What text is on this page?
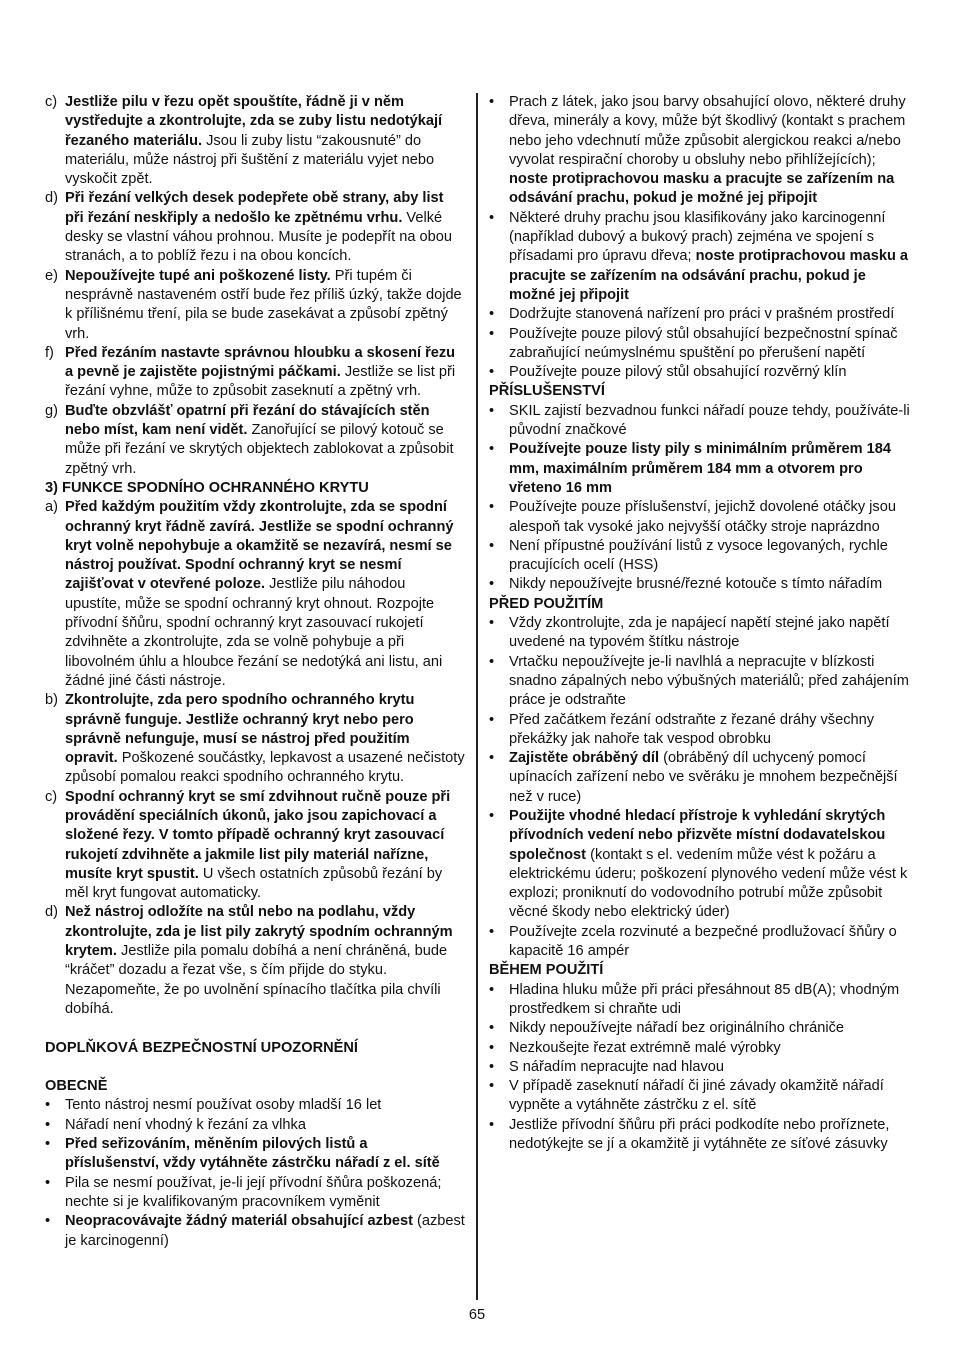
c) Jestliže pilu v řezu opět spouštíte, řádně ji v něm vystředujte a zkontrolujte, zda se zuby listu nedotýkají řezaného materiálu. Jsou li zuby listu “zakousnuté” do materiálu, může nástroj při šuštění z materiálu vyjet nebo vyskočit zpět.
d) Při řezání velkých desek podepřete obě strany, aby list při řezání neskřiply a nedošlo ke zpětnému vrhu. Velké desky se vlastní váhou prohnou. Musíte je podepřít na obou stranách, a to poblíž řezu i na obou koncích.
e) Nepoužívejte tupé ani poškozené listy. Při tupém či nesprávně nastaveném ostří bude řez příliš úzký, takže dojde k přílišnému tření, pila se bude zasekávat a způsobí zpětný vrh.
f) Před řezáním nastavte správnou hloubku a skosení řezu a pevně je zajistěte pojistnými páčkami. Jestliže se list při řezání vyhne, může to způsobit zaseknutí a zpětný vrh.
g) Buďte obzvlášť opatrní při řezání do stávajících stěn nebo míst, kam není vidět. Zanořující se pilový kotouč se může při řezání ve skrytých objektech zablokovat a způsobit zpětný vrh.
3) FUNKCE SPODNÍHO OCHRANNÉHO KRYTU
a) Před každým použitím vždy zkontrolujte, zda se spodní ochranný kryt řádně zavírá. Jestliže se spodní ochranný kryt volně nepohybuje a okamžitě se nezavírá, nesmí se nástroj používat. Spodní ochranný kryt se nesmí zajišťovat v otevřené poloze. Jestliže pilu náhodou upustíte, může se spodní ochranný kryt ohnout. Rozpojte přívodní šňůru, spodní ochranný kryt zasouvací rukojetí zdvihněte a zkontrolujte, zda se volně pohybuje a při libovolném úhlu a hloubce řezání se nedotýká ani listu, ani žádné jiné části nástroje.
b) Zkontrolujte, zda pero spodního ochranného krytu správně funguje. Jestliže ochranný kryt nebo pero správně nefunguje, musí se nástroj před použitím opravit. Poškozené součástky, lepkavost a usazené nečistoty způsobí pomalou reakci spodního ochranného krytu.
c) Spodní ochranný kryt se smí zdvihnout ručně pouze při provádění speciálních úkonů, jako jsou zapichovací a složené řezy. V tomto případě ochranný kryt zasouvací rukojetí zdvihněte a jakmile list pily materiál nařízne, musíte kryt spustit. U všech ostatních způsobů řezání by měl kryt fungovat automaticky.
d) Než nástroj odložíte na stůl nebo na podlahu, vždy zkontrolujte, zda je list pily zakrytý spodním ochranným krytem. Jestliže pila pomalu dobíhá a není chráněná, bude “kráčet” dozadu a řezat vše, s čím přijde do styku. Nezapomeňte, že po uvolnění spínacího tlačítka pila chvíli dobíhá.
DOPLŇKOVÁ BEZPEČNOSTNÍ UPOZORNĚNÍ
OBECNĚ
• Tento nástroj nesmí používat osoby mladší 16 let
• Nářadí není vhodný k řezání za vlhka
• Před seřizováním, měněním pilových listů a příslušenství, vždy vytáhněte zástrčku nářadí z el. sítě
• Pila se nesmí používat, je-li její přívodní šňůra poškozená; nechte si je kvalifikovaným pracovníkem vyměnit
• Neopracovávajte žádný materiál obsahující azbest (azbest je karcinogenní)
• Prach z látek, jako jsou barvy obsahující olovo, některé druhy dřeva, minerály a kovy, může být škodlivý (kontakt s prachem nebo jeho vdechnutí může způsobit alergickou reakci a/nebo vyvolat respirační choroby u obsluhy nebo přihlížejících); noste protiprachovou masku a pracujte se zařízením na odsávání prachu, pokud je možné jej připojit
• Některé druhy prachu jsou klasifikovány jako karcinogenní (například dubový a bukový prach) zejména ve spojení s přísadami pro úpravu dřeva; noste protiprachovou masku a pracujte se zařízením na odsávání prachu, pokud je možné jej připojit
• Dodržujte stanovená nařízení pro práci v prašném prostředí
• Používejte pouze pilový stůl obsahující bezpečnostní spínač zabraňující neúmyslnému spuštění po přerušení napětí
• Používejte pouze pilový stůl obsahující rozvěrný klín
PŘÍSLUŠENSTVÍ
• SKIL zajistí bezvadnou funkci nářadí pouze tehdy, používáte-li původní značkové
• Používejte pouze listy pily s minimálním průměrem 184 mm, maximálním průměrem 184 mm a otvorem pro vřeteno 16 mm
• Používejte pouze příslušenství, jejichž dovolené otáčky jsou alespoň tak vysoké jako nejvyšší otáčky stroje naprázdno
• Není přípustné používání listů z vysoce legovaných, rychle pracujících ocelí (HSS)
• Nikdy nepoužívejte brusné/řezné kotouče s tímto nářadím
PŘED POUŽITÍM
• Vždy zkontrolujte, zda je napájecí napětí stejné jako napětí uvedené na typovém štítku nástroje
• Vrtačku nepoužívejte je-li navlhlá a nepracujte v blízkosti snadno zápalných nebo výbušných materiálů; před zahájením práce je odstraňte
• Před začátkem řezání odstraňte z řezané dráhy všechny překážky jak nahoře tak vespod obrobku
• Zajistěte obráběný díl (obráběný díl uchycený pomocí upínacích zařízení nebo ve svěráku je mnohem bezpečnější než v ruce)
• Použijte vhodné hledací přístroje k vyhledání skrytých přívodních vedení nebo přizvěte místní dodavatelskou společnost (kontakt s el. vedením může vést k požáru a elektrickému úderu; poškození plynového vedení může vést k explozi; proniknutí do vodovodního potrubí může způsobit věcné škody nebo elektrický úder)
• Používejte zcela rozvinuté a bezpečné prodlužovací šňůry o kapacitě 16 ampér
BĚHEM POUŽITÍ
• Hladina hluku může při práci přesáhnout 85 dB(A); vhodným prostředkem si chraňte udi
• Nikdy nepoužívejte nářadí bez originálního chrániče
• Nezkoušejte řezat extrémně malé výrobky
• S nářadím nepracujte nad hlavou
• V případě zaseknutí nářadí či jiné závady okamžitě nářadí vypněte a vytáhněte zástrčku z el. sítě
• Jestliže přívodní šňůru při práci podkodíte nebo proříznete, nedotýkejte se jí a okamžitě ji vytáhněte ze síťové zásuvky
65
